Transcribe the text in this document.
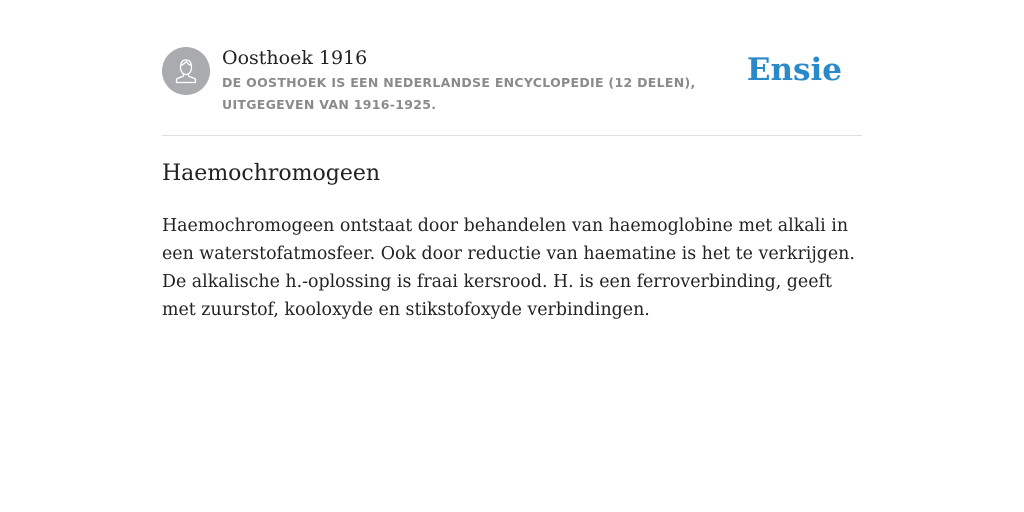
Oosthoek 1916

DE OOSTHOEK IS EEN NEDERLANDSE ENCYCLOPEDIE (12 DELEN), UITGEGEVEN VAN 1916-1925.

Ensie
Haemochromogeen

Haemochromogeen ontstaat door behandelen van haemoglobine met alkali in een waterstofatmosfeer. Ook door reductie van haematine is het te verkrijgen. De alkalische h.-oplossing is fraai kersrood. H. is een ferroverbinding, geeft met zuurstof, kooloxyde en stikstofoxyde verbindingen.
